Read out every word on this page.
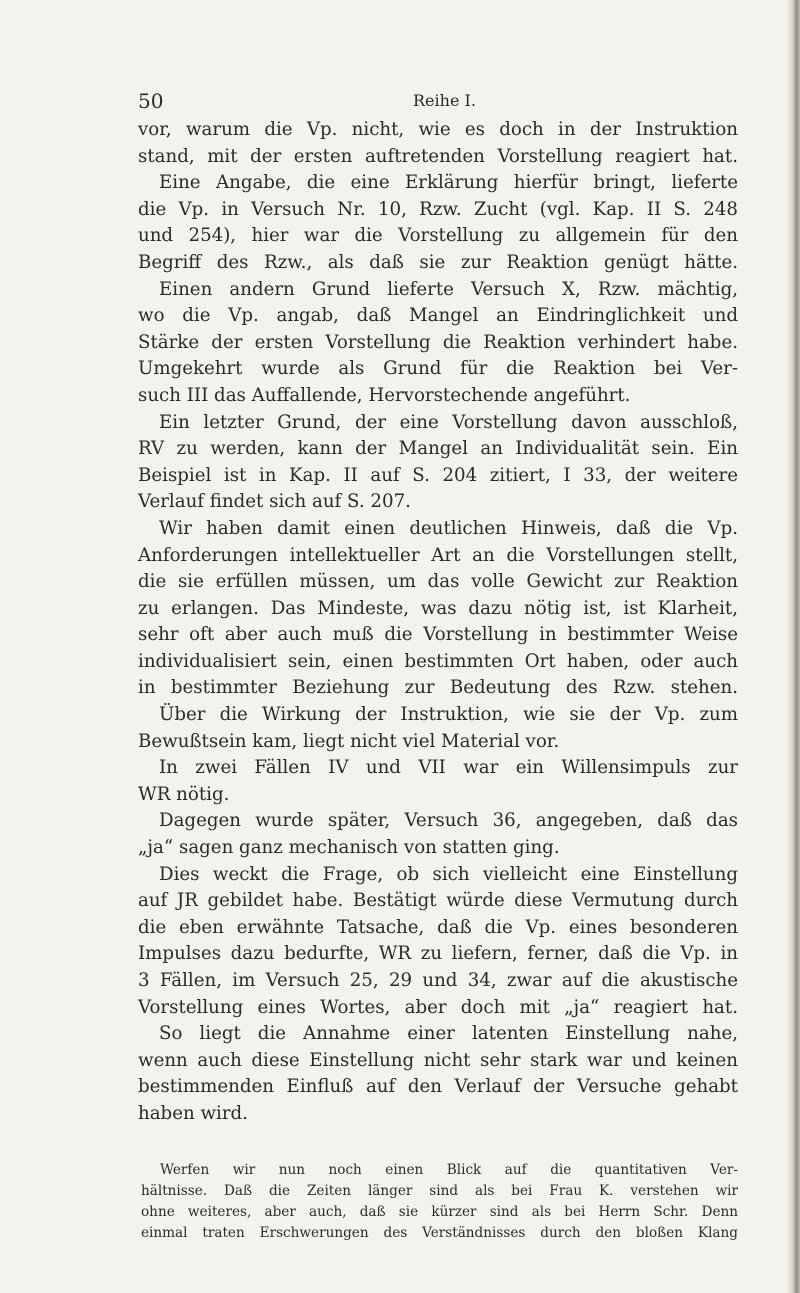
50	Reihe I.
vor, warum die Vp. nicht, wie es doch in der Instruktion
stand, mit der ersten auftretenden Vorstellung reagiert hat.
Eine Angabe, die eine Erklärung hierfür bringt, lieferte
die Vp. in Versuch Nr. 10, Rzw. Zucht (vgl. Kap. II S. 248
und 254), hier war die Vorstellung zu allgemein für den
Begriff des Rzw., als daß sie zur Reaktion genügt hätte.
Einen andern Grund lieferte Versuch X, Rzw. mächtig,
wo die Vp. angab, daß Mangel an Eindringlichkeit und
Stärke der ersten Vorstellung die Reaktion verhindert habe.
Umgekehrt wurde als Grund für die Reaktion bei Ver-
such III das Auffallende, Hervorstechende angeführt.
Ein letzter Grund, der eine Vorstellung davon ausschloß,
RV zu werden, kann der Mangel an Individualität sein. Ein
Beispiel ist in Kap. II auf S. 204 zitiert, I 33, der weitere
Verlauf findet sich auf S. 207.
Wir haben damit einen deutlichen Hinweis, daß die Vp.
Anforderungen intellektueller Art an die Vorstellungen stellt,
die sie erfüllen müssen, um das volle Gewicht zur Reaktion
zu erlangen. Das Mindeste, was dazu nötig ist, ist Klarheit,
sehr oft aber auch muß die Vorstellung in bestimmter Weise
individualisiert sein, einen bestimmten Ort haben, oder auch
in bestimmter Beziehung zur Bedeutung des Rzw. stehen.
Über die Wirkung der Instruktion, wie sie der Vp. zum
Bewußtsein kam, liegt nicht viel Material vor.
In zwei Fällen IV und VII war ein Willensimpuls zur
WR nötig.
Dagegen wurde später, Versuch 36, angegeben, daß das
„ja“ sagen ganz mechanisch von statten ging.
Dies weckt die Frage, ob sich vielleicht eine Einstellung
auf JR gebildet habe. Bestätigt würde diese Vermutung durch
die eben erwähnte Tatsache, daß die Vp. eines besonderen
Impulses dazu bedurfte, WR zu liefern, ferner, daß die Vp. in
3 Fällen, im Versuch 25, 29 und 34, zwar auf die akustische
Vorstellung eines Wortes, aber doch mit „ja“ reagiert hat.
So liegt die Annahme einer latenten Einstellung nahe,
wenn auch diese Einstellung nicht sehr stark war und keinen
bestimmenden Einfluß auf den Verlauf der Versuche gehabt
haben wird.
Werfen wir nun noch einen Blick auf die quantitativen Ver-
hältnisse. Daß die Zeiten länger sind als bei Frau K. verstehen wir
ohne weiteres, aber auch, daß sie kürzer sind als bei Herrn Schr. Denn
einmal traten Erschwerungen des Verständnisses durch den bloßen Klang
